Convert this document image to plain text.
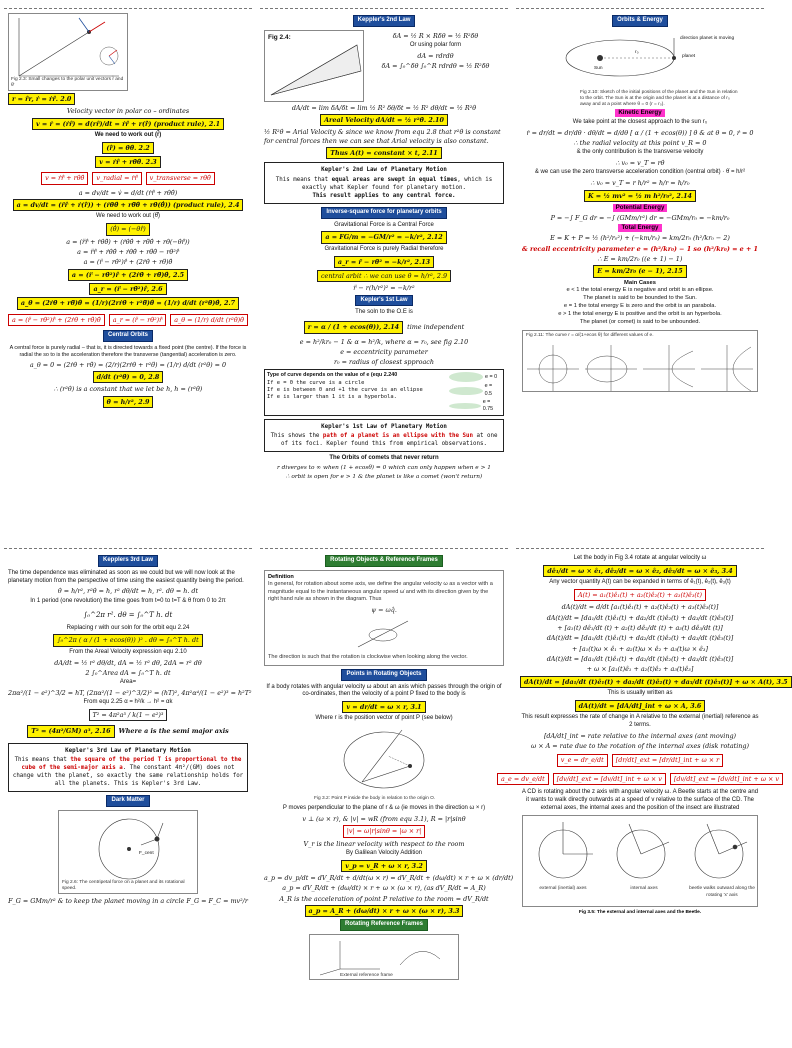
Fig 2.3: Small changes to the polar unit vectors r̂ and θ̂
r = r̂r, ṙ = ṙr̂. 2.0
Velocity vector in polar co – ordinates
v = ṙ = (ṙr̂) = d(rr̂)/dt = ṙr̂ + r(ṙ̂) (product rule), 2.1
We need to work out (ṙ̂)
(ṙ̂) = θ̇θ̂. 2.2
v = ṙr̂ + rθ̇θ̂. 2.3
v = ṙr̂ + rθ̇θ̂	v_radial = ṙr̂	v_transverse = rθ̇θ̂
a = dv/dt = v̇ = d/dt (ṙr̂ + rθ̇θ̂)
a = dv/dt = (r̈r̂ + ṙ(ṙ̂)) + (ṙθ̇θ̂ + rθ̈θ̂ + rθ̇(θ̂̇)) (product rule), 2.4
We need to work out (θ̂̇)
(θ̂̇) = (−θ̇r̂)
a = (r̈r̂ + ṙθ̇θ̂) + (ṙθ̇θ̂ + rθ̈θ̂ + rθ̇(−θ̇r̂))
a = r̈r̂ + ṙθ̇θ̂ + ṙθ̇θ̂ + rθ̈θ̂ − rθ̇²r̂
a = (r̈ − rθ̇²)r̂ + (2ṙθ̇ + rθ̈)θ̂
a = (r̈ − rθ̇²)r̂ + (2ṙθ̇ + rθ̈)θ̂, 2.5
a_r = (r̈ − rθ̇²)r̂, 2.6
a_θ = (2ṙθ̇ + rθ̈)θ̂ = (1/r)(2rṙθ̇ + r²θ̈)θ̂ = (1/r) d/dt (r²θ̇)θ̂, 2.7
a = (r̈ − rθ̇²)r̂ + (2ṙθ̇ + rθ̈)θ̂	a_r = (r̈ − rθ̇²)r̂	a_θ = (1/r) d/dt (r²θ̇)θ̂
Central Orbits
A central force is purely radial – that is, it is directed towards a fixed point (the centre). If the force is radial the so to is the acceleration therefore the transverse (tangential) acceleration is zero.
a_θ = 0 = (2ṙθ̇ + rθ̈) = (2/r)(2rṙθ̇ + r²θ̈) = (1/r) d/dt (r²θ̇) = 0
d/dt (r²θ̇) = 0, 2.8
∴ (r²θ̇) is a constant that we let be h, h = (r²θ̇)
θ̇ = h/r², 2.9
Keppler's 2nd Law
Fig 2.4:	δA = ½ R × Rδθ = ½ R²δθ
Or using polar form
dA = rdrdθ
δA = ∫₀^δθ ∫₀^R rdrdθ = ½ R²δθ
dA/dt = lim δA/δt = lim ½ R² δθ/δt = ½ R² dθ/dt = ½ R²θ̇
Areal Velocity dA/dt = ½ r²θ̇. 2.10
½ R²θ̇ = Arial Velocity & since we know from equ 2.8 that r²θ̇ is constant for central forces then we can see that Arial velocity is also constant.
Thus A(t) = constant × t, 2.11
Kepler's 2nd Law of Planetary Motion
This means that equal areas are swept in equal times, which is exactly what Kepler found for planetary motion.
This result applies to any central force.
Inverse-square force for planetary orbits
Gravitational Force is a Central Force
a = FG/m = −GM/r² = −k/r², 2.12
Gravitational Force is purely Radial therefore
a_r = r̈ − rθ̇² = −k/r², 2.13
central arbit ∴ we can use θ̇ = h/r², 2.9
r̈ − r(h/r²)² = −k/r²
Kepler's 1st Law
The soln to the O.E is
r = α / (1 + ecos(θ)), 2.14	time independent
e = h²/kr₀ − 1 & α = h²/k, where α = r₀, see fig 2.10
e = eccentricity parameter
r₀ = radius of closest spproach
Type of curve depends on the value of e (equ 2.240
If e = 0 the curve is a circle
If e is between 0 and +1 the curve is an ellipse
If e is larger than 1 it is a hyperbola.
e = 0
e = 0.5
e = 0.75
Kepler's 1st Law of Planetary Motion
This shows the path of a planet is an ellipse with the Sun at one of its foci. Kepler found this from empirical observations.
The Orbits of comets that never return
r diverges to ∞ when (1 + ecosθ) = 0 which can only happen when e > 1
∴ orbit is open for e > 1 & the planet is like a comet (won't return)
Orbits & Energy
direction planet is moving
planet
Sun
r₀
Fig 2.10: Sketch of the initial positions of the planet and the Sun in relation to the orbit. The Sun is at the origin and the planet is at a distance of r₀ away and at a point where θ = 0 (r = r₀).
Kinetic Energy
We take point at the closest approach to the sun r₀
ṙ = dr/dt = dr/dθ · dθ/dt = d/dθ [ α / (1 + ecos(θ)) ] θ̇ & at θ = 0, ṙ = 0
∴ the radial velocity at this point v_R = 0
& the only contribution is the transverse velocity
∴ v₀ = v_T = rθ̇
& we can use the zero transverse acceleration condition (central orbit) · θ̇ = h/r²
∴ v₀ = v_T = r h/r² = h/r = h/r₀
K = ½ mv² = ½ m h²/r₀², 2.14
Potential Energy
P = −∫ F_G dr = −∫ (GMm/r²) dr = −GMm/r₀ = −km/r₀
Total Energy
E = K + P = ½ (h²/r₀²) + (−km/r₀) = km/2r₀ (h²/kr₀ − 2)
& recall eccentricity parameter e = (h²/kr₀) − 1 so (h²/kr₀) = e + 1
∴ E = km/2r₀ ((e + 1) − 1)
E = km/2r₀ (e − 1), 2.15
Main Cases
e < 1 the total energy E is negative and orbit is an ellipse.
The planet is said to be bounded to the Sun.
e = 1 the total energy E is zero and the orbit is an parabola.
e > 1 the total energy E is positive and the orbit is an hyperbola.
The planet (or comet) is said to be unbounded.
Fig 2.11: The curve r = α/(1+ecos θ) for different values of e.
Kepplers 3rd Law
The time dependence was eliminated as soon as we could but we will now look at the planetary motion from the perspective of time using the easiest quantity being the period.
θ̇ = h/r², r²θ̇ = h, r² dθ/dt = h, r². dθ = h. dt
In 1 period (one revolution) the time goes from t=0 to t=T & θ from 0 to 2π
∫₀^2π r². dθ = ∫₀^T h. dt
Replacing r with our soln for the orbit equ 2.24
∫₀^2π ( α / (1 + ecos(θ)) )² . dθ = ∫₀^T h. dt
From the Areal Velocity expression equ 2.10
dA/dt = ½ r² dθ/dt, dA = ½ r² dθ, 2dA = r² dθ
2 ∫₀^Area dA = ∫₀^T h. dt
Area=
2πα²/(1 − e²)^3/2 = hT, (2πα²/(1 − e²)^3/2)² = (hT)², 4π²α⁴/(1 − e²)³ = h²T²
From equ 2.25 α = h²/k → h² = αk
T² = 4π²a³ / k(1 − e²)³
T² = (4π²/GM) a³, 2.16	Where a is the semi major axis
Kepler's 3rd Law of Planetary Motion
This means that the square of the period T is proportional to the cube of the semi-major axis a. The constant 4π²/(GM) does not change with the planet, so exactly the same relationship holds for all the planets. This is Kepler's 3rd Law.
Dark Matter
F_cent
Fig 2.6: The centripetal force on a planet and its rotational speed.
F_G = GMm/r² & to keep the planet moving in a circle F_G = F_C = mv²/r
Rotating Objects & Reference Frames
Definition
In general, for rotation about some axis, we define the angular velocity ω as a vector with a magnitude equal to the instantaneous angular speed ω̇ and with its direction given by the right hand rule as shown in the diagram. Thus
ψ = ωq̂.
The direction is such that the rotation is clockwise when looking along the vector.
Points in Rotating Objects
If a body rotates with angular velocity ω about an axis which passes through the origin of co-ordinates, then the velocity of a point P fixed to the body is
v = dr/dt = ω × r, 3.1
Where r is the position vector of point P (see below)
Fig 3.2: Point P inside the body in relation to the origin O.
P moves perpendicular to the plane of r & ω (ie moves in the direction ω × r)
v ⊥ (ω × r), & |v| = wR (from equ 3.1), R = |r|sinθ
|v| = ω|r|sinθ = |ω × r|
V_r is the linear velocity with respect to the room
By Galilean Velocity Addition
v_p = v_R + ω × r, 3.2
a_p = dv_p/dt = dV_R/dt + d/dt(ω × r) = dV_R/dt + (dω/dt) × r + ω × (dr/dt)
a_p = dV_R/dt + (dω/dt) × r + ω × (ω × r), (as dV_R/dt = A_R)
A_R is the acceleration of point P relative to the room = dV_R/dt
a_p = A_R + (dω/dt) × r + ω × (ω × r), 3.3
Rotating Reference Frames
External reference frame
Let the body in Fig 3.4 rotate at angular velocity ω
dê₁/dt = ω × ê₁, dê₂/dt = ω × ê₂, dê₃/dt = ω × ê₃, 3.4
Any vector quantity A(t) can be expanded in terms of ê₁(t), ê₂(t), ê₃(t)
A(t) = a₁(t)ê₁(t) + a₂(t)ê₂(t) + a₃(t)ê₃(t)
dA(t)/dt = d/dt [a₁(t)ê₁(t) + a₂(t)ê₂(t) + a₃(t)ê₃(t)]
dA(t)/dt = [da₁/dt (t)ê₁(t) + da₂/dt (t)ê₂(t) + da₃/dt (t)ê₃(t)]
+ [a₁(t) dê₁/dt (t) + a₂(t) dê₂/dt (t) + a₃(t) dê₃/dt (t)]
dA(t)/dt = [da₁/dt (t)ê₁(t) + da₂/dt (t)ê₂(t) + da₃/dt (t)ê₃(t)]
+ [a₁(t)ω × ê₁ + a₂(t)ω × ê₂ + a₃(t)ω × ê₃]
dA(t)/dt = [da₁/dt (t)ê₁(t) + da₂/dt (t)ê₂(t) + da₃/dt (t)ê₃(t)]
+ ω × [a₁(t)ê₁ + a₂(t)ê₂ + a₃(t)ê₃]
dA(t)/dt = [da₁/dt (t)ê₁(t) + da₂/dt (t)ê₂(t) + da₃/dt (t)ê₃(t)] + ω × A(t), 3.5
This is usually written as
dA(t)/dt = [dA/dt]_int + ω × A, 3.6
This result expresses the rate of change in A relative to the external (inertial) reference as 2 terms.
[dA/dt]_int = rate relative to the internal axes (ant moving)
ω × A = rate due to the rotation of the internal axes (disk rotating)
v_e = dr_e/dt	[dr/dt]_ext = [dr/dt]_int + ω × r
a_e = dv_e/dt	[dv/dt]_ext = [dv/dt]_int + ω × v	[dv/dt]_ext = [dv/dt]_int + ω × v
A CD is rotating about the z axis with angular velocity ω. A Beetle starts at the centre and it wants to walk directly outwards at a speed of v relative to the surface of the CD. The external axes, the internal axes and the position of the insect are illustrated
external (inertial) axes	internal axes	beetle walks outward along the rotating 'x' axis
Fig 3.5: The external and internal axes and the Beetle.
